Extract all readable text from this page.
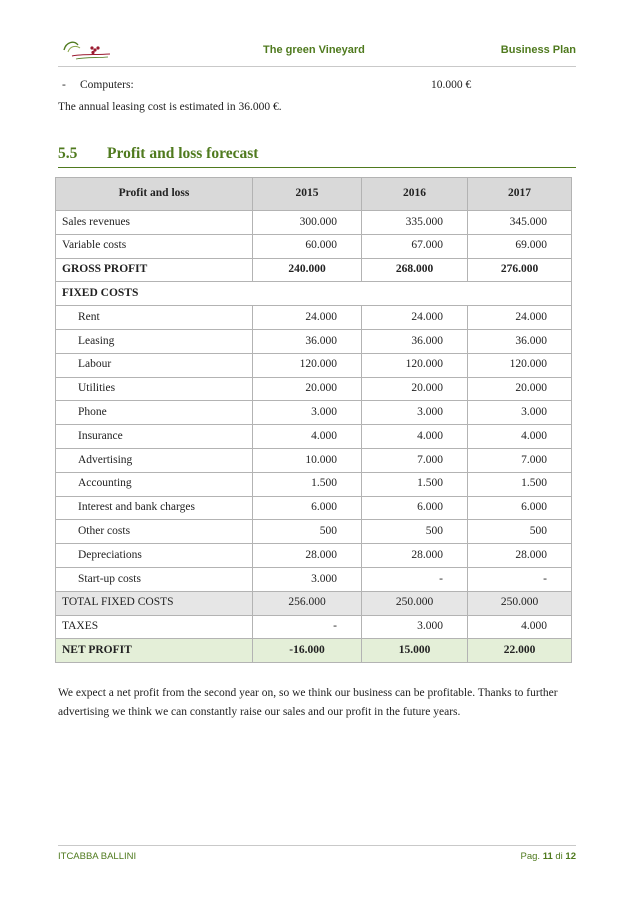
The green Vineyard	Business Plan
- Computers:	10.000 €
The annual leasing cost is estimated in 36.000 €.
5.5 Profit and loss forecast
Profit and loss	2015	2016	2017
Sales revenues	300.000	335.000	345.000
Variable costs	60.000	67.000	69.000
GROSS PROFIT	240.000	268.000	276.000
FIXED COSTS			
Rent	24.000	24.000	24.000
Leasing	36.000	36.000	36.000
Labour	120.000	120.000	120.000
Utilities	20.000	20.000	20.000
Phone	3.000	3.000	3.000
Insurance	4.000	4.000	4.000
Advertising	10.000	7.000	7.000
Accounting	1.500	1.500	1.500
Interest and bank charges	6.000	6.000	6.000
Other costs	500	500	500
Depreciations	28.000	28.000	28.000
Start-up costs	3.000	-	-
TOTAL FIXED COSTS	256.000	250.000	250.000
TAXES	-	3.000	4.000
NET PROFIT	-16.000	15.000	22.000
We expect a net profit from the second year on, so we think our business can be profitable. Thanks to further advertising we think we can constantly raise our sales and our profit in the future years.
ITCABBA BALLINI	Pag. 11 di 12
